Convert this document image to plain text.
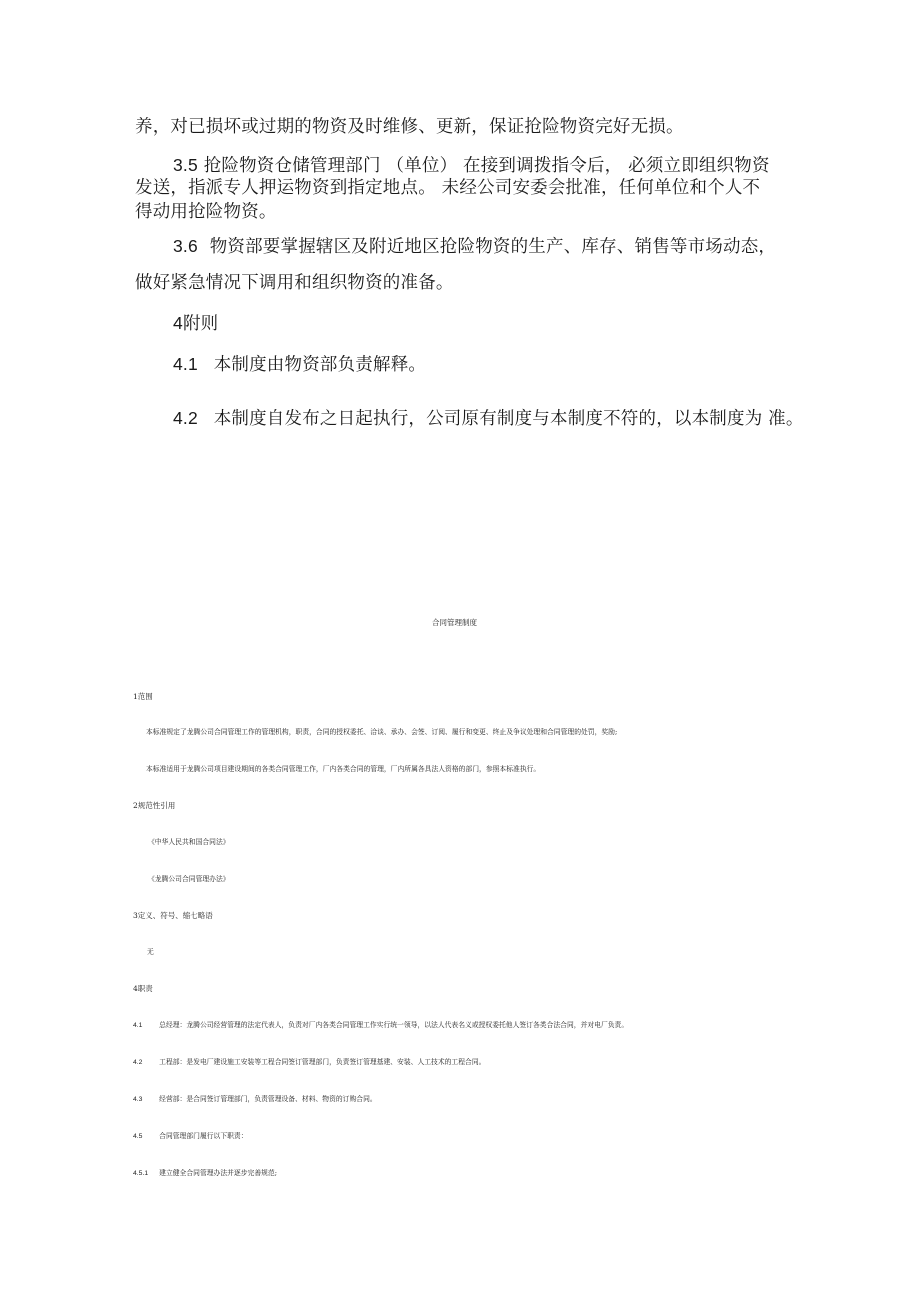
养，对已损坏或过期的物资及时维修、更新，保证抢险物资完好无损。
3.5 抢险物资仓储管理部门 （单位） 在接到调拨指令后， 必须立即组织物资
发送，指派专人押运物资到指定地点。 未经公司安委会批准，任何单位和个人不
得动用抢险物资。
3.6 物资部要掌握辖区及附近地区抢险物资的生产、库存、销售等市场动态，
做好紧急情况下调用和组织物资的准备。
4附则
4.1 本制度由物资部负责解释。
4.2 本制度自发布之日起执行，公司原有制度与本制度不符的，以本制度为 准。
合同管理制度
1范围
本标准规定了龙腾公司合同管理工作的管理机构，职责，合同的授权委托、洽谈、承办、会签、订阅、履行和变更、终止及争议处理和合同管理的处罚，奖励;
本标准适用于龙腾公司项目建设期间的各类合同管理工作，厂内各类合同的管理，厂内所属各具法人资格的部门，参照本标准执行。
2规范性引用
《中华人民共和国合同法》
《龙腾公司合同管理办法》
3定义、符号、缩七略语
无
4职责
4.1 总经理：龙腾公司经营管理的法定代表人，负责对厂内各类合同管理工作实行统一领导，以法人代表名义或授权委托他人签订各类合法合同，并对电厂负责。
4.2 工程部：是发电厂建设施工安装等工程合同签订管理部门，负责签订管理基建、安装、人工技术的工程合同。
4.3 经营部：是合同签订管理部门，负责管理设备、材料、物资的订购合同。
4.5 合同管理部门履行以下职责：
4.5.1 建立健全合同管理办法并逐步完善规范;
